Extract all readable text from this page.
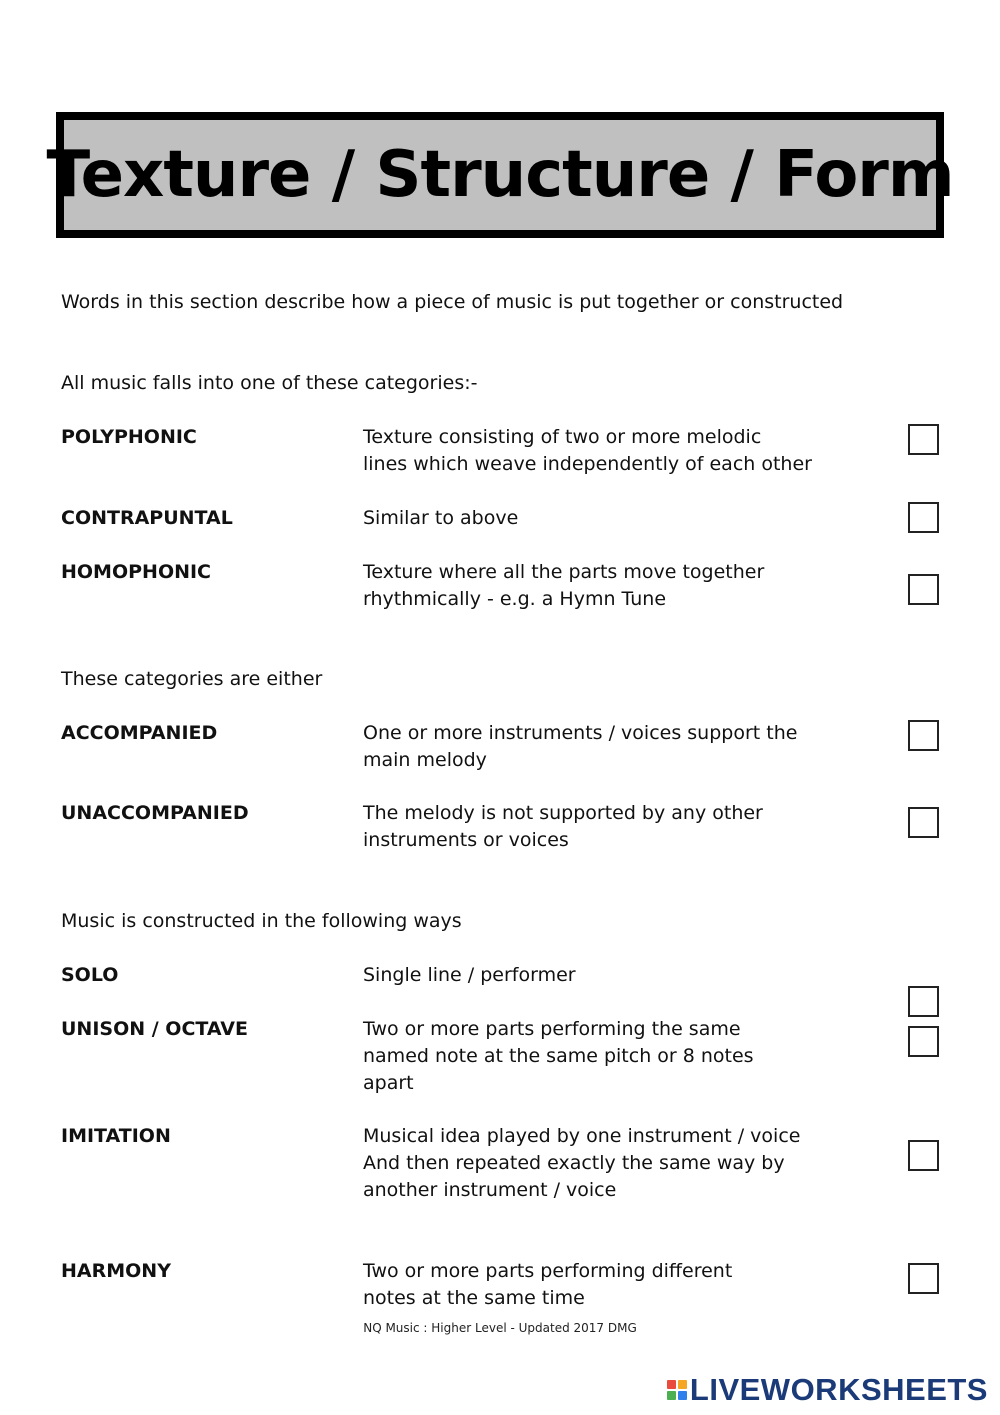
Texture / Structure / Form
Words in this section describe how a piece of music is put together or constructed
All music falls into one of these categories:-
POLYPHONIC	Texture consisting of two or more melodic
lines which weave independently of each other
CONTRAPUNTAL	Similar to above
HOMOPHONIC	Texture where all the parts move together
rhythmically - e.g. a Hymn Tune
These categories are either
ACCOMPANIED	One or more instruments / voices support the
main melody
UNACCOMPANIED	The melody is not supported by any other
instruments or voices
Music is constructed in the following ways
SOLO	Single line / performer
UNISON / OCTAVE	Two or more parts performing the same
named note at the same pitch or 8 notes
apart
IMITATION	Musical idea played by one instrument / voice
And then repeated exactly the same way by
another instrument / voice
HARMONY	Two or more parts performing different
notes at the same time
NQ Music : Higher Level - Updated 2017 DMG
LIVEWORKSHEETS
